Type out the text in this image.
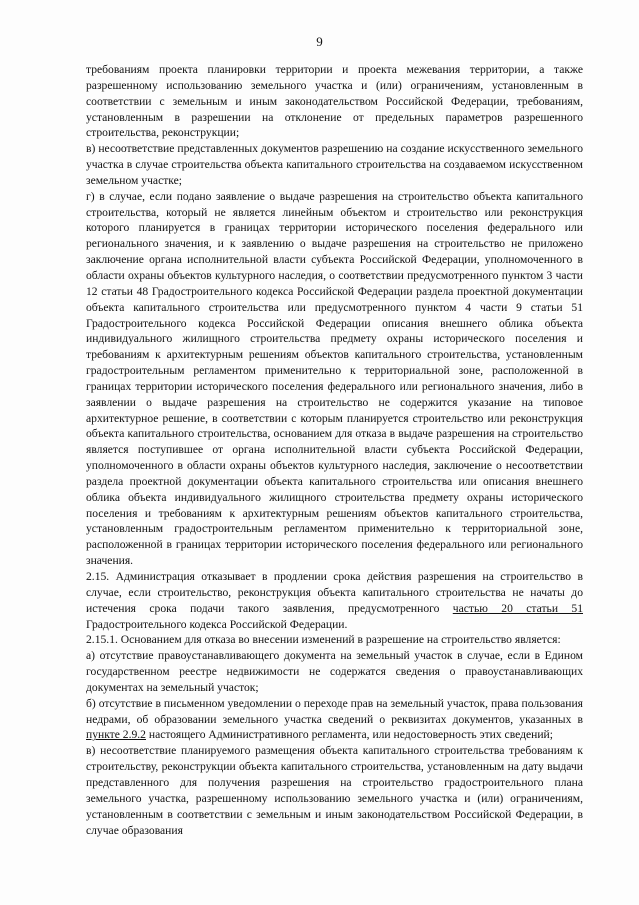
9

требованиям проекта планировки территории и проекта межевания территории, а также разрешенному использованию земельного участка и (или) ограничениям, установленным в соответствии с земельным и иным законодательством Российской Федерации, требованиям, установленным в разрешении на отклонение от предельных параметров разрешенного строительства, реконструкции;

в) несоответствие представленных документов разрешению на создание искусственного земельного участка в случае строительства объекта капитального строительства на создаваемом искусственном земельном участке;

г) в случае, если подано заявление о выдаче разрешения на строительство объекта капитального строительства, который не является линейным объектом и строительство или реконструкция которого планируется в границах территории исторического поселения федерального или регионального значения, и к заявлению о выдаче разрешения на строительство не приложено заключение органа исполнительной власти субъекта Российской Федерации, уполномоченного в области охраны объектов культурного наследия, о соответствии предусмотренного пунктом 3 части 12 статьи 48 Градостроительного кодекса Российской Федерации раздела проектной документации объекта капитального строительства или предусмотренного пунктом 4 части 9 статьи 51 Градостроительного кодекса Российской Федерации описания внешнего облика объекта индивидуального жилищного строительства предмету охраны исторического поселения и требованиям к архитектурным решениям объектов капитального строительства, установленным градостроительным регламентом применительно к территориальной зоне, расположенной в границах территории исторического поселения федерального или регионального значения, либо в заявлении о выдаче разрешения на строительство не содержится указание на типовое архитектурное решение, в соответствии с которым планируется строительство или реконструкция объекта капитального строительства, основанием для отказа в выдаче разрешения на строительство является поступившее от органа исполнительной власти субъекта Российской Федерации, уполномоченного в области охраны объектов культурного наследия, заключение о несоответствии раздела проектной документации объекта капитального строительства или описания внешнего облика объекта индивидуального жилищного строительства предмету охраны исторического поселения и требованиям к архитектурным решениям объектов капитального строительства, установленным градостроительным регламентом применительно к территориальной зоне, расположенной в границах территории исторического поселения федерального или регионального значения.

2.15. Администрация отказывает в продлении срока действия разрешения на строительство в случае, если строительство, реконструкция объекта капитального строительства не начаты до истечения срока подачи такого заявления, предусмотренного частью 20 статьи 51 Градостроительного кодекса Российской Федерации.

2.15.1. Основанием для отказа во внесении изменений в разрешение на строительство является:

а) отсутствие правоустанавливающего документа на земельный участок в случае, если в Едином государственном реестре недвижимости не содержатся сведения о правоустанавливающих документах на земельный участок;

б) отсутствие в письменном уведомлении о переходе прав на земельный участок, права пользования недрами, об образовании земельного участка сведений о реквизитах документов, указанных в пункте 2.9.2 настоящего Административного регламента, или недостоверность этих сведений;

в) несоответствие планируемого размещения объекта капитального строительства требованиям к строительству, реконструкции объекта капитального строительства, установленным на дату выдачи представленного для получения разрешения на строительство градостроительного плана земельного участка, разрешенному использованию земельного участка и (или) ограничениям, установленным в соответствии с земельным и иным законодательством Российской Федерации, в случае образования
